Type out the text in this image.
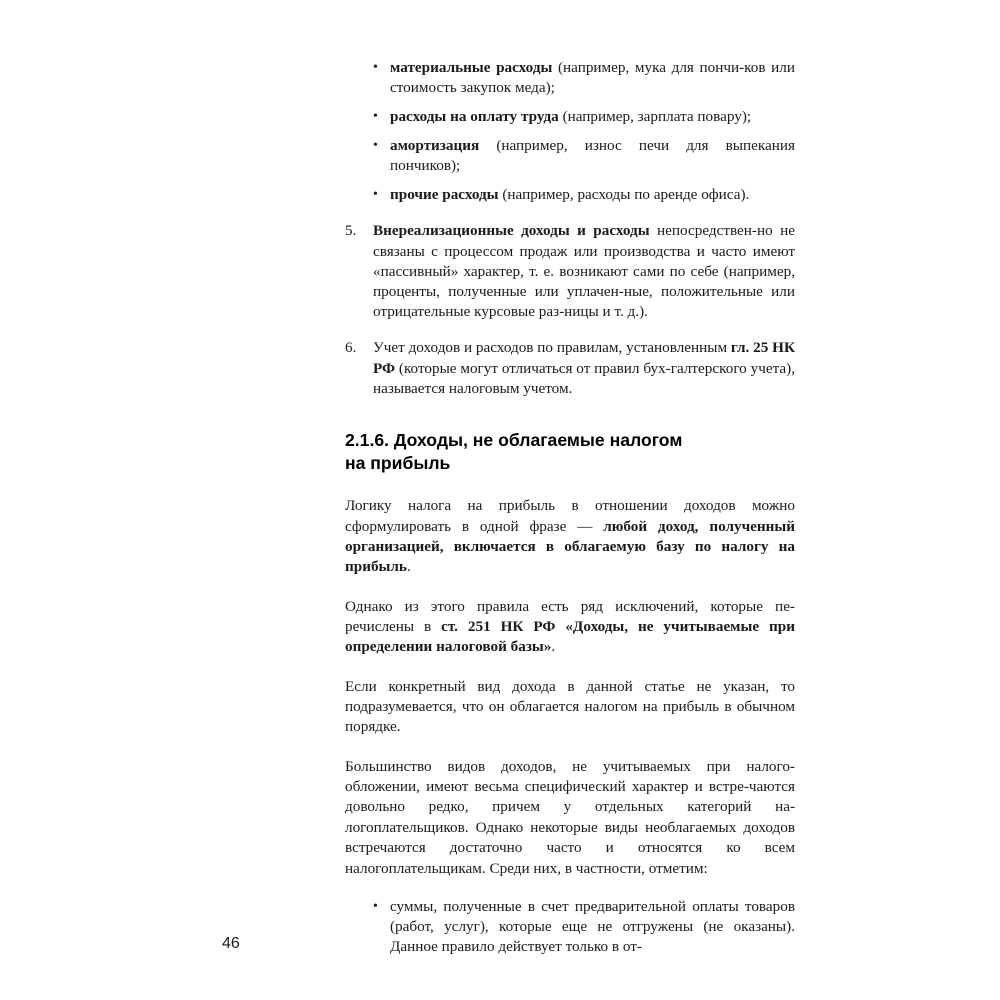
• материальные расходы (например, мука для пончи-ков или стоимость закупок меда);
• расходы на оплату труда (например, зарплата повару);
• амортизация (например, износ печи для выпекания пончиков);
• прочие расходы (например, расходы по аренде офиса).
5. Внереализационные доходы и расходы непосредствен-но не связаны с процессом продаж или производства и часто имеют «пассивный» характер, т. е. возникают сами по себе (например, проценты, полученные или уплачен-ные, положительные или отрицательные курсовые раз-ницы и т. д.).
6. Учет доходов и расходов по правилам, установленным гл. 25 НК РФ (которые могут отличаться от правил бух-галтерского учета), называется налоговым учетом.
2.1.6. Доходы, не облагаемые налогом
на прибыль

Логику налога на прибыль в отношении доходов можно сформулировать в одной фразе — любой доход, полученный организацией, включается в облагаемую базу по налогу на прибыль.

Однако из этого правила есть ряд исключений, которые пе-речислены в ст. 251 НК РФ «Доходы, не учитываемые при определении налоговой базы».

Если конкретный вид дохода в данной статье не указан, то подразумевается, что он облагается налогом на прибыль в обычном порядке.

Большинство видов доходов, не учитываемых при налого-обложении, имеют весьма специфический характер и встре-чаются довольно редко, причем у отдельных категорий на-логоплательщиков. Однако некоторые виды необлагаемых доходов встречаются достаточно часто и относятся ко всем налогоплательщикам. Среди них, в частности, отметим:

• суммы, полученные в счет предварительной оплаты товаров (работ, услуг), которые еще не отгружены (не оказаны). Данное правило действует только в от-
46
